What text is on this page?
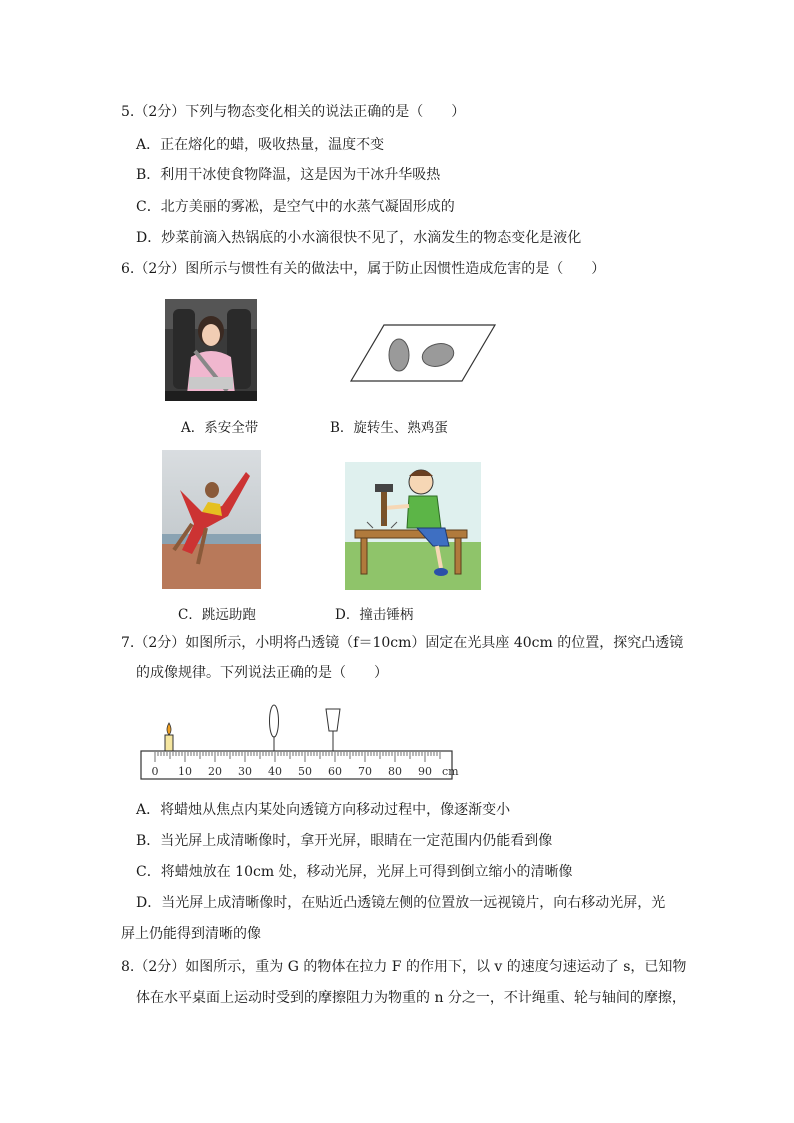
5.（2分）下列与物态变化相关的说法正确的是（　　）
A．正在熔化的蜡，吸收热量，温度不变
B．利用干冰使食物降温，这是因为干冰升华吸热
C．北方美丽的雾凇，是空气中的水蒸气凝固形成的
D．炒菜前滴入热锅底的小水滴很快不见了，水滴发生的物态变化是液化
6.（2分）图所示与惯性有关的做法中，属于防止因惯性造成危害的是（　　）
A．系安全带	B．旋转生、熟鸡蛋
C．跳远助跑	D．撞击锤柄
7.（2分）如图所示，小明将凸透镜（f＝10cm）固定在光具座 40cm 的位置，探究凸透镜
的成像规律。下列说法正确的是（　　）
0 10 20 30 40 50 60 70 80 90 cm
A．将蜡烛从焦点内某处向透镜方向移动过程中，像逐渐变小
B．当光屏上成清晰像时，拿开光屏，眼睛在一定范围内仍能看到像
C．将蜡烛放在 10cm 处，移动光屏，光屏上可得到倒立缩小的清晰像
D．当光屏上成清晰像时，在贴近凸透镜左侧的位置放一远视镜片，向右移动光屏，光
屏上仍能得到清晰的像
8.（2分）如图所示，重为 G 的物体在拉力 F 的作用下，以 v 的速度匀速运动了 s，已知物
体在水平桌面上运动时受到的摩擦阻力为物重的 n 分之一，不计绳重、轮与轴间的摩擦，
